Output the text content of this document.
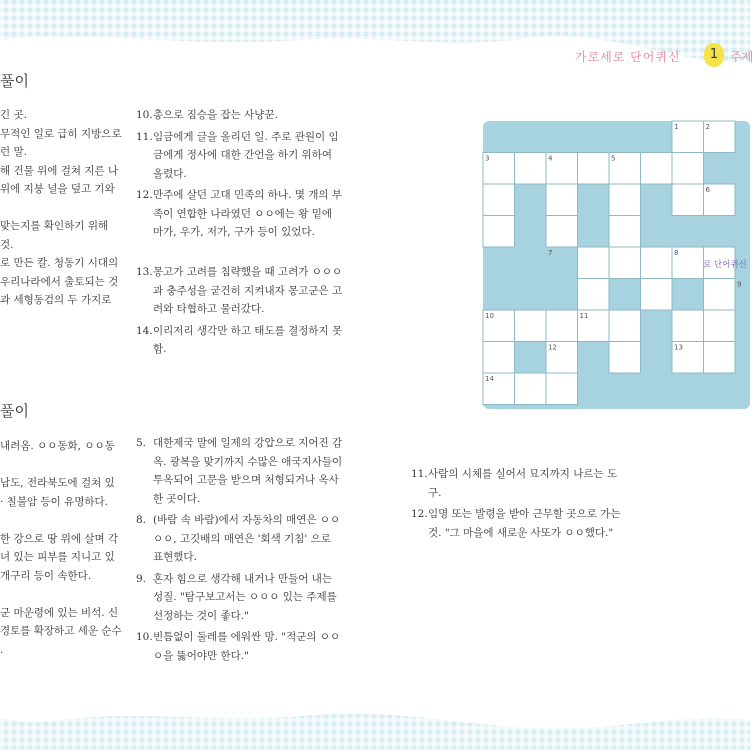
가로세로 단어퀴신	1 주제
풀이
풀이
긴 곳.
무적인 일로 급히 지방으로
런 말.
해 건물 위에 걸쳐 지른 나
위에 지붕 널을 덮고 기와
맞는지를 확인하기 위해
것.
로 만든 칼. 청동기 시대의
우리나라에서 출토되는 것
과 세형동검의 두 가지로
10. 총으로 짐승을 잡는 사냥꾼.
11. 임금에게 글을 올리던 일. 주로 관원이 임금에게 정사에 대한 간언을 하기 위하여 올렸다.
12. 만주에 살던 고대 민족의 하나. 몇 개의 부족이 연합한 나라였던 ㅇㅇ에는 왕 밑에 마가, 우가, 저가, 구가 등이 있었다.
13. 몽고가 고려를 침략했을 때 고려가 ㅇㅇㅇ과 충주성을 굳건히 지켜내자 몽고군은 고려와 타협하고 물러갔다.
14. 이리저리 생각만 하고 태도를 결정하지 못함.
내려옴. ㅇㅇ동화, ㅇㅇ동
남도, 전라북도에 걸쳐 있
· 칠불암 등이 유명하다.
한 강으로 땅 위에 살며 각
녀 있는 피부를 지니고 있
개구리 등이 속한다.
군 마운령에 있는 비석. 신
경토를 확장하고 세운 순수
.
5. 대한제국 말에 일제의 강압으로 지어진 감옥. 광복을 맞기까지 수많은 애국지사들이 투옥되어 고문을 받으며 처형되거나 옥사한 곳이다.
8. (바람 속 바람)에서 자동차의 매연은 ㅇㅇㅇㅇ, 고깃배의 매연은 '회색 기침' 으로 표현했다.
9. 혼자 힘으로 생각해 내거나 만들어 내는 성질. "탐구보고서는 ㅇㅇㅇ 있는 주제를 선정하는 것이 좋다."
10. 빈틈없이 둘레를 에워싼 망. "적군의 ㅇㅇㅇ을 뚫어야만 한다."
11. 사람의 시체를 실어서 묘지까지 나르는 도구.
12. 임명 또는 발령을 받아 근무할 곳으로 가는 것. "그 마을에 새로운 사또가 ㅇㅇ했다."
1	2
3	4	5
6
7	8
9
10	11
12	13
14
로 단어퀴신
